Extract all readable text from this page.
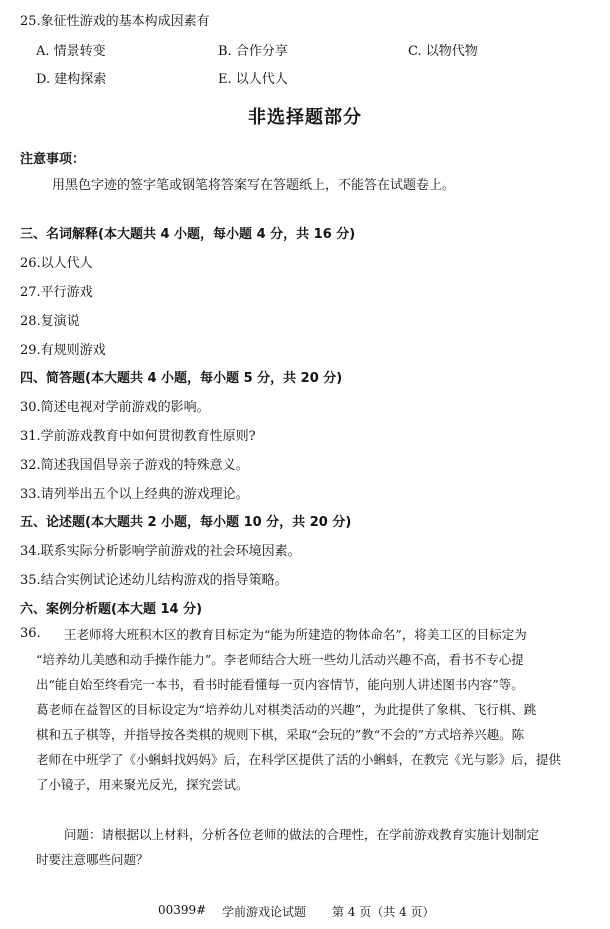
25.象征性游戏的基本构成因素有
A. 情景转变	B. 合作分享	C. 以物代物
D. 建构探索	E. 以人代人
非选择题部分
注意事项：
用黑色字迹的签字笔或钢笔将答案写在答题纸上，不能答在试题卷上。
三、名词解释(本大题共 4 小题，每小题 4 分，共 16 分)
26.以人代人
27.平行游戏
28.复演说
29.有规则游戏
四、简答题(本大题共 4 小题，每小题 5 分，共 20 分)
30.简述电视对学前游戏的影响。
31.学前游戏教育中如何贯彻教育性原则?
32.简述我国倡导亲子游戏的特殊意义。
33.请列举出五个以上经典的游戏理论。
五、论述题(本大题共 2 小题，每小题 10 分，共 20 分)
34.联系实际分析影响学前游戏的社会环境因素。
35.结合实例试论述幼儿结构游戏的指导策略。
六、案例分析题(本大题 14 分)
36.	王老师将大班积木区的教育目标定为“能为所建造的物体命名”，将美工区的目标定为
“培养幼儿美感和动手操作能力”。李老师结合大班一些幼儿活动兴趣不高，看书不专心提
出“能自始至终看完一本书，看书时能看懂每一页内容情节，能向别人讲述图书内容”等。
葛老师在益智区的目标设定为“培养幼儿对棋类活动的兴趣”，为此提供了象棋、飞行棋、跳
棋和五子棋等，并指导按各类棋的规则下棋，采取“会玩的”教“不会的”方式培养兴趣。陈
老师在中班学了《小蝌蚪找妈妈》后，在科学区提供了活的小蝌蚪，在教完《光与影》后，提供
了小镜子，用来聚光反光，探究尝试。
问题：请根据以上材料，分析各位老师的做法的合理性，在学前游戏教育实施计划制定
时要注意哪些问题？
00399# 学前游戏论试题 第 4 页（共 4 页）
